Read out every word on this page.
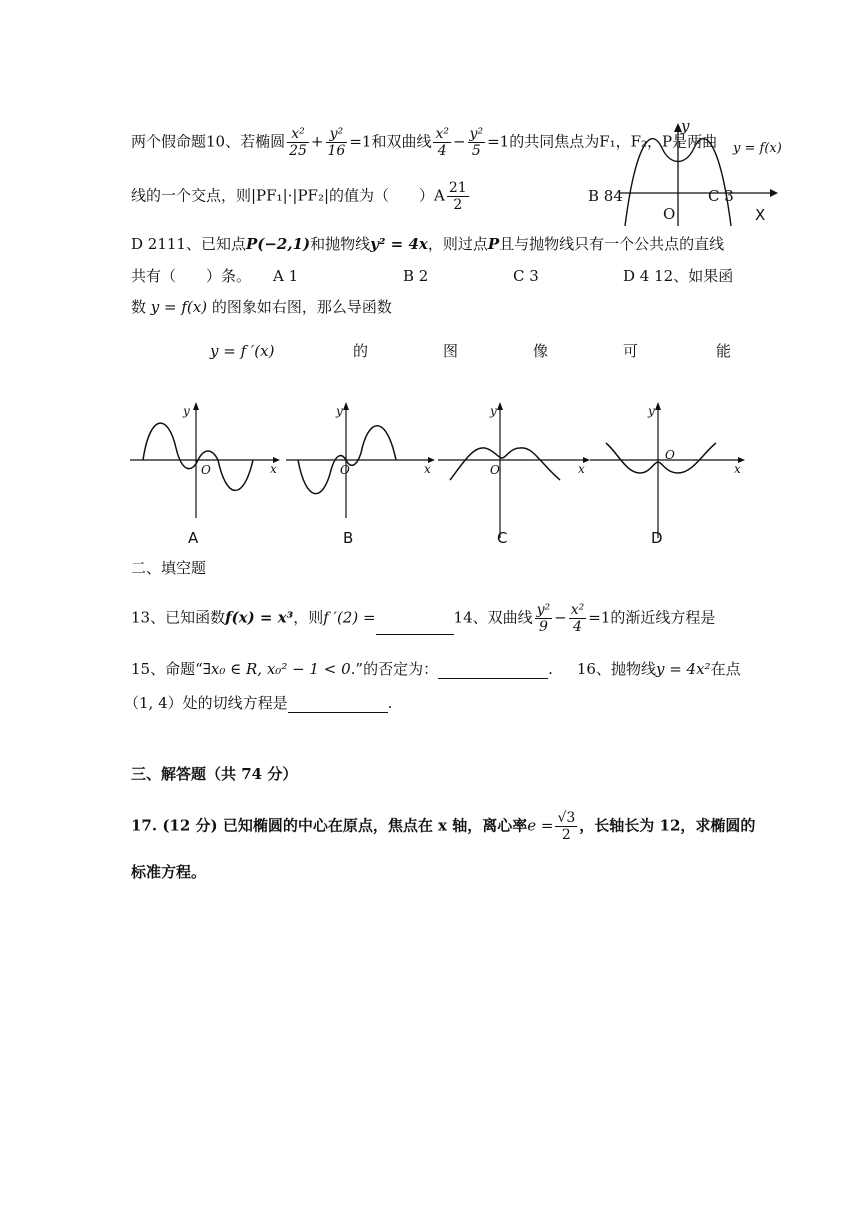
两个假命题10、若椭圆 $\frac{\text{x²}}{25} + \frac{\text{y²}}{16} =1$和双曲线 $\frac{\text{x²}}{4} - \frac{\text{y²}}{5} =1$的共同焦点为F₁，F₂，P是两曲
线的一个交点，则|PF₁|·|PF₂|的值为（　　）$A \frac{21}{2}$	B 84	C 3
y
y = f(x)
O	X
D 2111、已知点P(−2,1)和抛物线y² = 4x，则过点P且与抛物线只有一个公共点的直线
共有（　　）条。 A 1	B 2	C 3	D 4 12、如果函
数 y = f(x) 的图象如右图，那么导函数
y = f ′(x)	的	图	像	可	能
y
x
O
A
y
x
O
B
y
x
O
C
y
x
O
D
二、填空题
13、已知函数f(x) = x³，则f ′(2) =	14、双曲线 $\frac{\text{y²}}{9} - \frac{\text{x²}}{4} =1$的渐近线方程是
15、命题“∃x₀ ∈ R, x₀² − 1 < 0.”的否定为：	. 16、抛物线y = 4x²在点
（1, 4）处的切线方程是	.
三、解答题（共 74 分）
17. (12 分) 已知椭圆的中心在原点，焦点在 x 轴，离心率$e = \frac{√3}{2}$ ，长轴长为 12，求椭圆的
标准方程。
